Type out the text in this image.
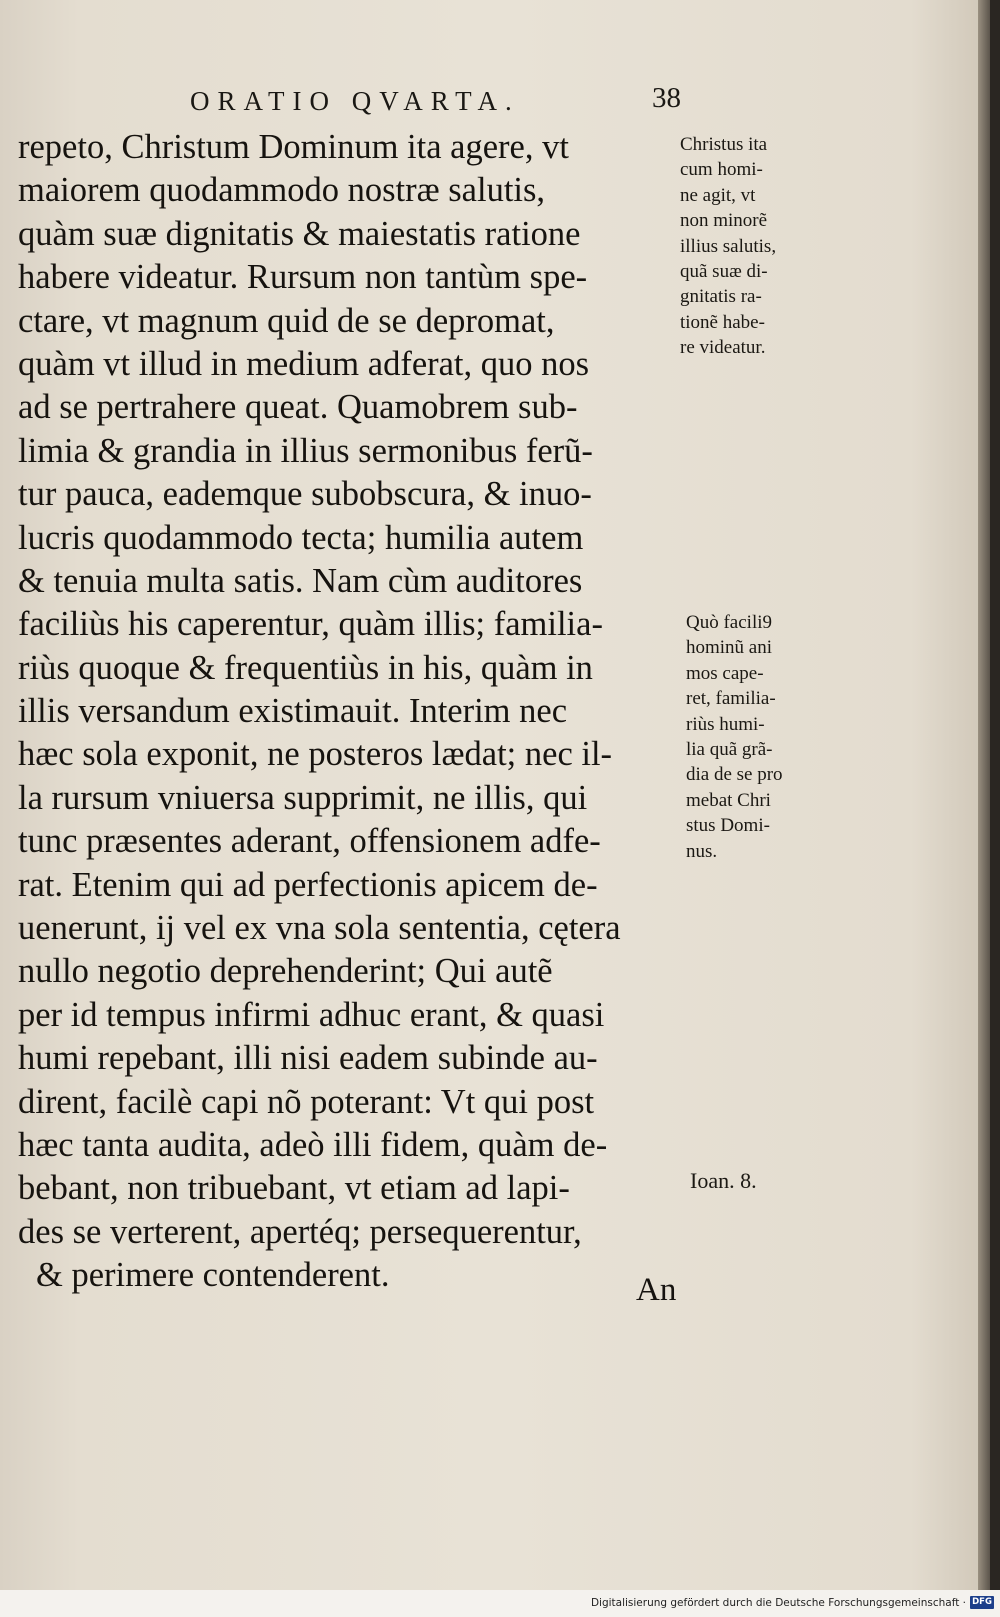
ORATIO QVARTA.	38
repeto, Christum Dominum ita agere, vt
maiorem quodammodo nostræ salutis,
quàm suæ dignitatis & maiestatis ratione
habere videatur. Rursum non tantùm spe-
ctare, vt magnum quid de se depromat,
quàm vt illud in medium adferat, quo nos
ad se pertrahere queat. Quamobrem sub-
limia & grandia in illius sermonibus ferũ-
tur pauca, eademque subobscura, & inuo-
lucris quodammodo tecta; humilia autem
& tenuia multa satis. Nam cùm auditores
faciliùs his caperentur, quàm illis; familia-
riùs quoque & frequentiùs in his, quàm in
illis versandum existimauit. Interim nec
hæc sola exponit, ne posteros lædat; nec il-
la rursum vniuersa supprimit, ne illis, qui
tunc præsentes aderant, offensionem adfe-
rat. Etenim qui ad perfectionis apicem de-
uenerunt, ij vel ex vna sola sententia, cętera
nullo negotio deprehenderint; Qui autẽ
per id tempus infirmi adhuc erant, & quasi
humi repebant, illi nisi eadem subinde au-
dirent, facilè capi nõ poterant: Vt qui post
hæc tanta audita, adeò illi fidem, quàm de-
bebant, non tribuebant, vt etiam ad lapi-
des se verterent, apertéq; persequerentur,
& perimere contenderent.
Christus ita
cum homi-
ne agit, vt
non minorẽ
illius salutis,
quã suæ di-
gnitatis ra-
tionẽ habe-
re videatur.
Quò facili9
hominũ ani
mos cape-
ret, familia-
riùs humi-
lia quã grã-
dia de se pro
mebat Chri
stus Domi-
nus.
Ioan. 8.
An
Digitalisierung gefördert durch die Deutsche Forschungsgemeinschaft · DFG
